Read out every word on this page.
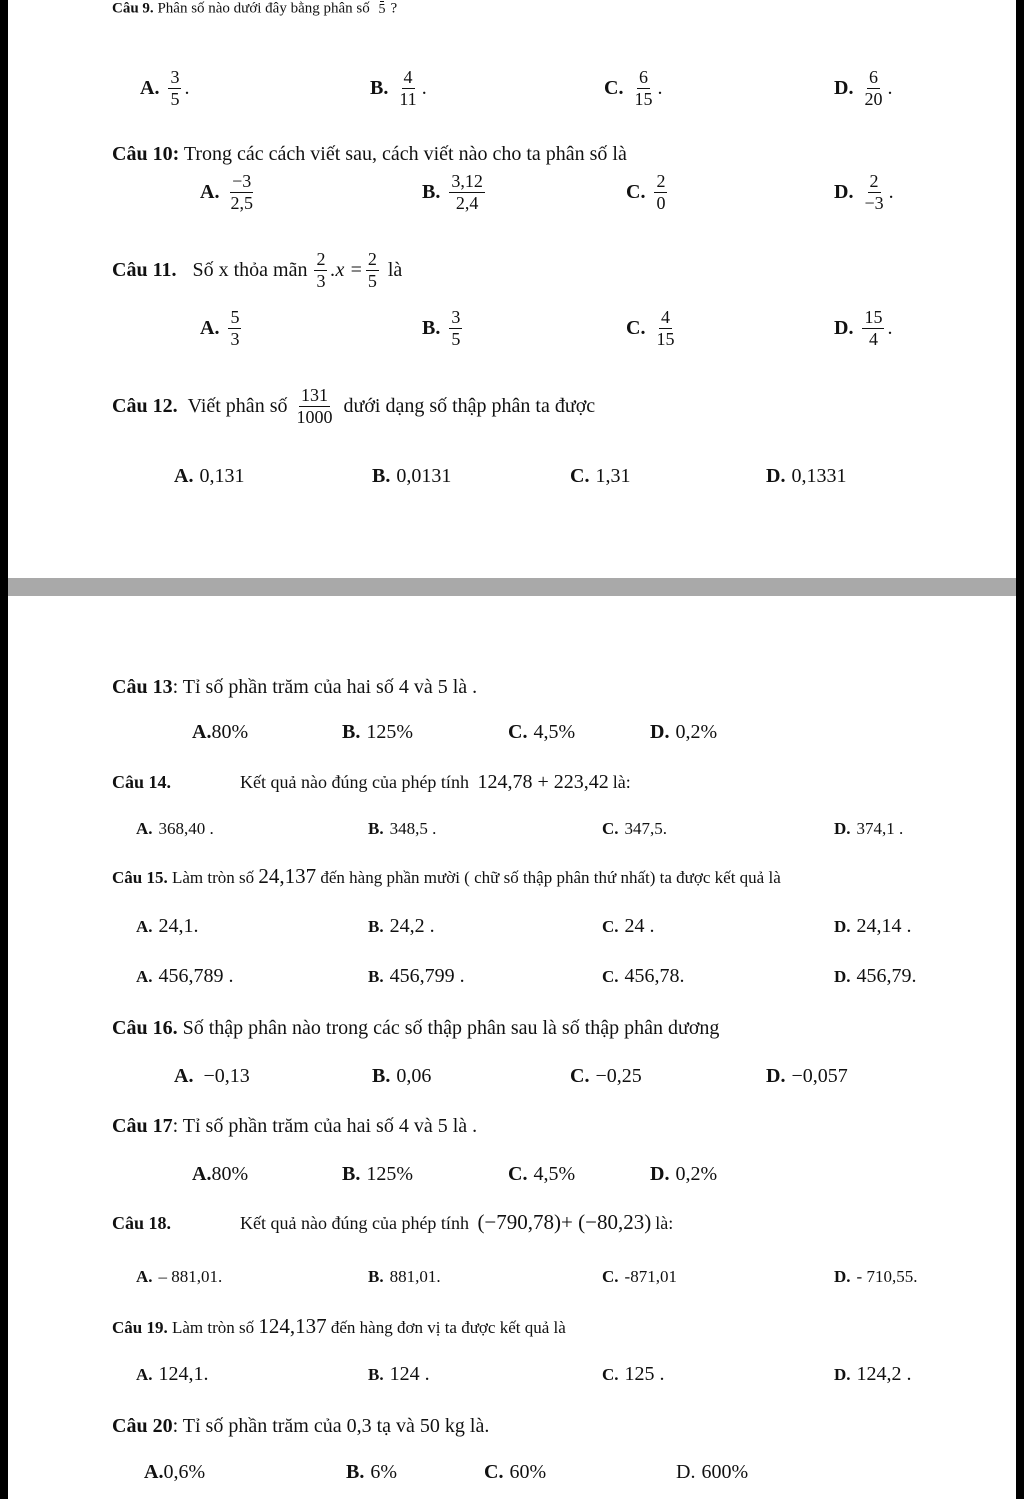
Câu 9. Phân số nào dưới đây bằng phân số 5 ?
A. $\frac{3}{5}$ .	B. $\frac{4}{11}$ .	C. $\frac{6}{15}$ .	D. $\frac{6}{20}$ .
Câu 10: Trong các cách viết sau, cách viết nào cho ta phân số là
A. $\frac{-3}{2,5}$	B. $\frac{3,12}{2,4}$	C. $\frac{2}{0}$	D. $\frac{2}{-3}$ .
Câu 11. Số x thỏa mãn $\frac{2}{3} .x = \frac{2}{5}$ là
A. $\frac{5}{3}$	B. $\frac{3}{5}$	C. $\frac{4}{15}$	D. $\frac{15}{4}$ .
Câu 12. Viết phân số $\frac{131}{1000}$ dưới dạng số thập phân ta được
A. 0,131	B. 0,0131	C. 1,31	D. 0,1331
Câu 13: Tỉ số phần trăm của hai số 4 và 5 là .
A. 80%	B. 125%	C. 4,5%	D. 0,2%
Câu 14.	Kết quả nào đúng của phép tính 124,78 + 223,42 là:
A. 368,40 .	B. 348,5 .	C. 347,5.	D. 374,1 .
Câu 15. Làm tròn số 24,137 đến hàng phần mười ( chữ số thập phân thứ nhất) ta được kết quả là
A. 24,1.	B. 24,2 .	C. 24 .	D. 24,14 .
A. 456,789 .	B. 456,799 .	C. 456,78.	D. 456,79.
Câu 16. Số thập phân nào trong các số thập phân sau là số thập phân dương
A. −0,13	B. 0,06	C. −0,25	D. −0,057
Câu 17: Tỉ số phần trăm của hai số 4 và 5 là .
A. 80%	B. 125%	C. 4,5%	D. 0,2%
Câu 18.	Kết quả nào đúng của phép tính (−790,78)+ (−80,23) là:
A. – 881,01.	B. 881,01.	C. -871,01	D. - 710,55.
Câu 19. Làm tròn số 124,137 đến hàng đơn vị ta được kết quả là
A. 124,1.	B. 124 .	C. 125 .	D. 124,2 .
Câu 20: Tỉ số phần trăm của 0,3 tạ và 50 kg là.
A. 0,6%	B. 6%	C. 60%	D. 600%
